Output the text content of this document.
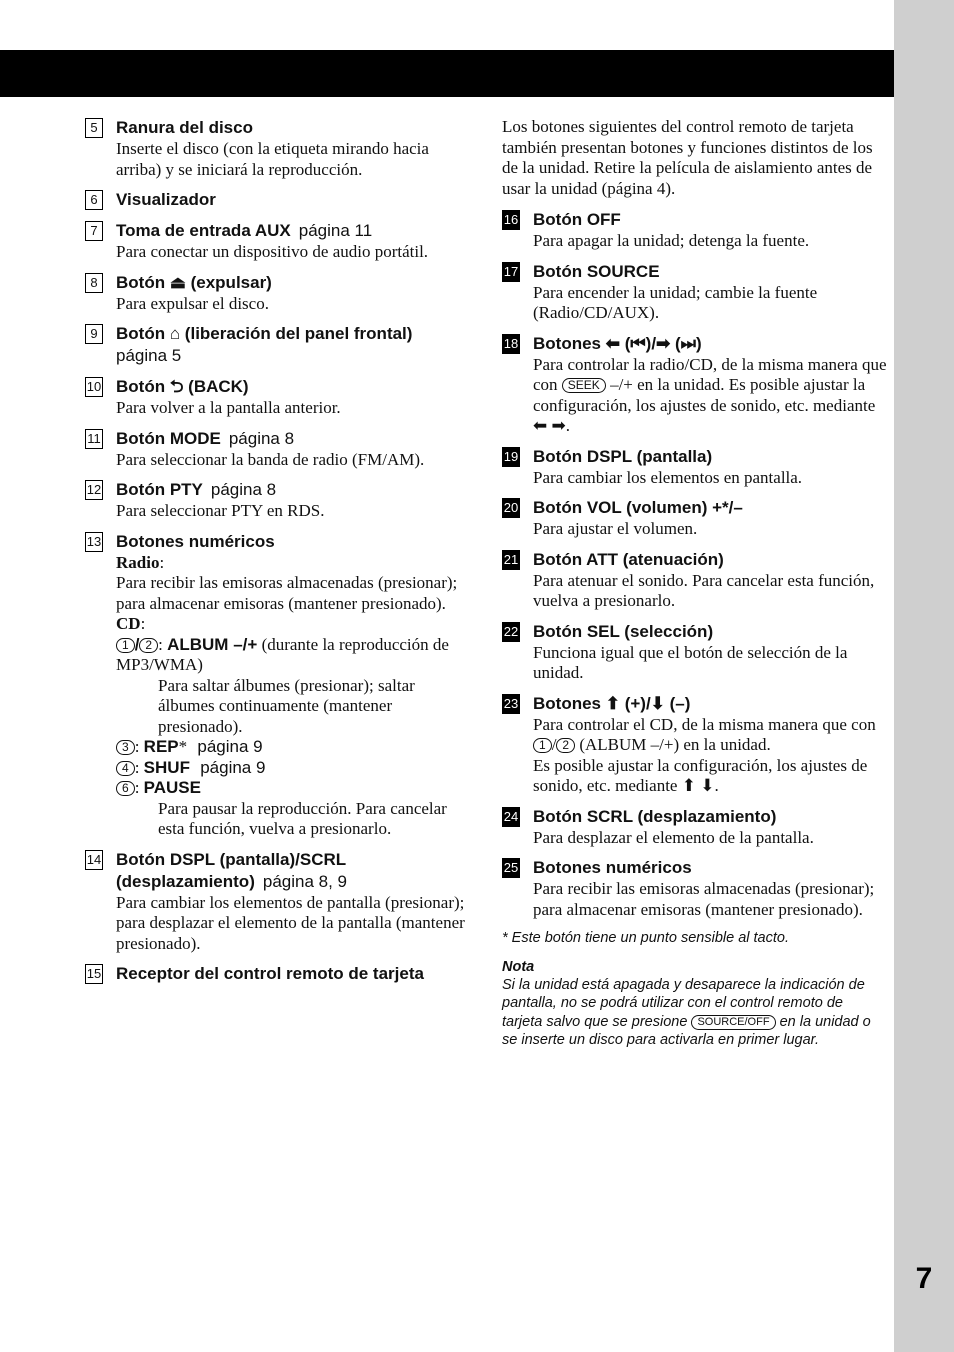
7
5	Ranura del disco
Inserte el disco (con la etiqueta mirando hacia arriba) y se iniciará la reproducción.
6	Visualizador
7	Toma de entrada AUX página 11
Para conectar un dispositivo de audio portátil.
8	Botón ⏏ (expulsar)
Para expulsar el disco.
9	Botón ⌂ (liberación del panel frontal)
página 5
10 Botón ⮌ (BACK)
Para volver a la pantalla anterior.
11 Botón MODE página 8
Para seleccionar la banda de radio (FM/AM).
12 Botón PTY página 8
Para seleccionar PTY en RDS.
13 Botones numéricos
Radio:
Para recibir las emisoras almacenadas (presionar); para almacenar emisoras (mantener presionado).
CD:
1 / 2 : ALBUM –/+ (durante la reproducción de MP3/WMA)
Para saltar álbumes (presionar); saltar álbumes continuamente (mantener presionado).
3 : REP* página 9
4 : SHUF página 9
6 : PAUSE
Para pausar la reproducción. Para cancelar esta función, vuelva a presionarlo.
14 Botón DSPL (pantalla)/SCRL (desplazamiento) página 8, 9
Para cambiar los elementos de pantalla (presionar); para desplazar el elemento de la pantalla (mantener presionado).
15 Receptor del control remoto de tarjeta
Los botones siguientes del control remoto de tarjeta también presentan botones y funciones distintos de los de la unidad. Retire la película de aislamiento antes de usar la unidad (página 4).
16 Botón OFF
Para apagar la unidad; detenga la fuente.
17 Botón SOURCE
Para encender la unidad; cambie la fuente (Radio/CD/AUX).
18 Botones ⬅ (⏮)/➡ (⏭)
Para controlar la radio/CD, de la misma manera que con SEEK –/+ en la unidad. Es posible ajustar la configuración, los ajustes de sonido, etc. mediante ⬅ ➡.
19 Botón DSPL (pantalla)
Para cambiar los elementos en pantalla.
20 Botón VOL (volumen) +*/–
Para ajustar el volumen.
21 Botón ATT (atenuación)
Para atenuar el sonido. Para cancelar esta función, vuelva a presionarlo.
22 Botón SEL (selección)
Funciona igual que el botón de selección de la unidad.
23 Botones ⬆ (+)/⬇ (–)
Para controlar el CD, de la misma manera que con 1 / 2 (ALBUM –/+) en la unidad.
Es posible ajustar la configuración, los ajustes de sonido, etc. mediante ⬆ ⬇.
24 Botón SCRL (desplazamiento)
Para desplazar el elemento de la pantalla.
25 Botones numéricos
Para recibir las emisoras almacenadas (presionar); para almacenar emisoras (mantener presionado).
* Este botón tiene un punto sensible al tacto.
Nota
Si la unidad está apagada y desaparece la indicación de pantalla, no se podrá utilizar con el control remoto de tarjeta salvo que se presione SOURCE/OFF en la unidad o se inserte un disco para activarla en primer lugar.
